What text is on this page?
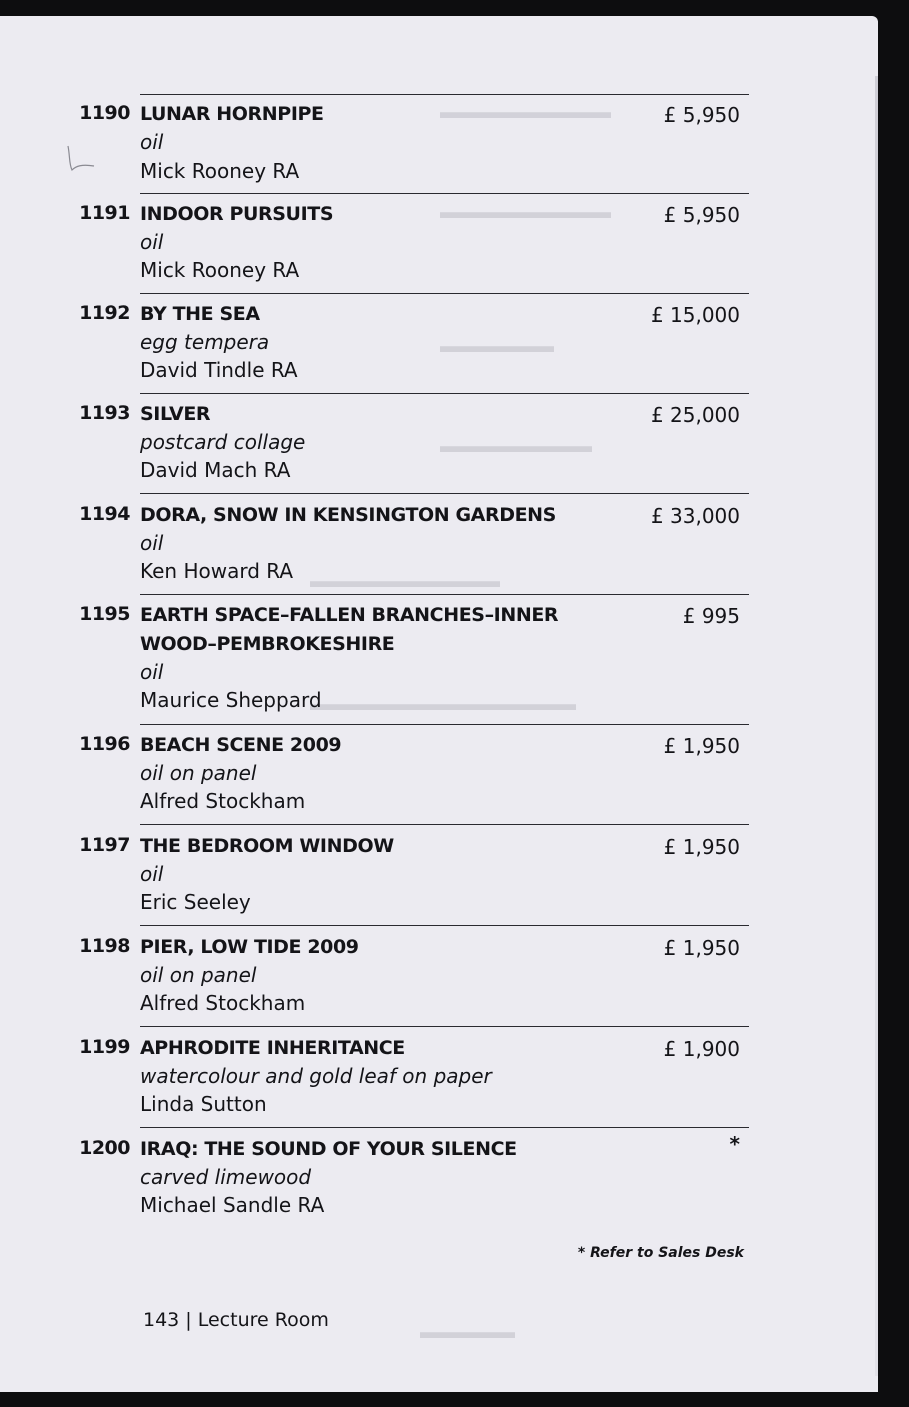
▬▬▬▬▬▬▬▬▬
▬▬▬▬▬▬▬▬▬
▬▬▬▬▬▬
▬▬▬▬▬▬▬▬
▬▬▬▬▬▬▬▬▬▬
▬▬▬▬▬▬▬▬▬▬▬▬▬▬
▬▬▬▬▬
1190 LUNAR HORNPIPE
oil
Mick Rooney RA
£ 5,950
1191 INDOOR PURSUITS
oil
Mick Rooney RA
£ 5,950
1192 BY THE SEA
egg tempera
David Tindle RA
£ 15,000
1193 SILVER
postcard collage
David Mach RA
£ 25,000
1194 DORA, SNOW IN KENSINGTON GARDENS
oil
Ken Howard RA
£ 33,000
1195 EARTH SPACE–FALLEN BRANCHES–INNER WOOD–PEMBROKESHIRE
oil
Maurice Sheppard
£ 995
1196 BEACH SCENE 2009
oil on panel
Alfred Stockham
£ 1,950
1197 THE BEDROOM WINDOW
oil
Eric Seeley
£ 1,950
1198 PIER, LOW TIDE 2009
oil on panel
Alfred Stockham
£ 1,950
1199 APHRODITE INHERITANCE
watercolour and gold leaf on paper
Linda Sutton
£ 1,900
1200 IRAQ: THE SOUND OF YOUR SILENCE
carved limewood
Michael Sandle RA
*
* Refer to Sales Desk
143 | Lecture Room
